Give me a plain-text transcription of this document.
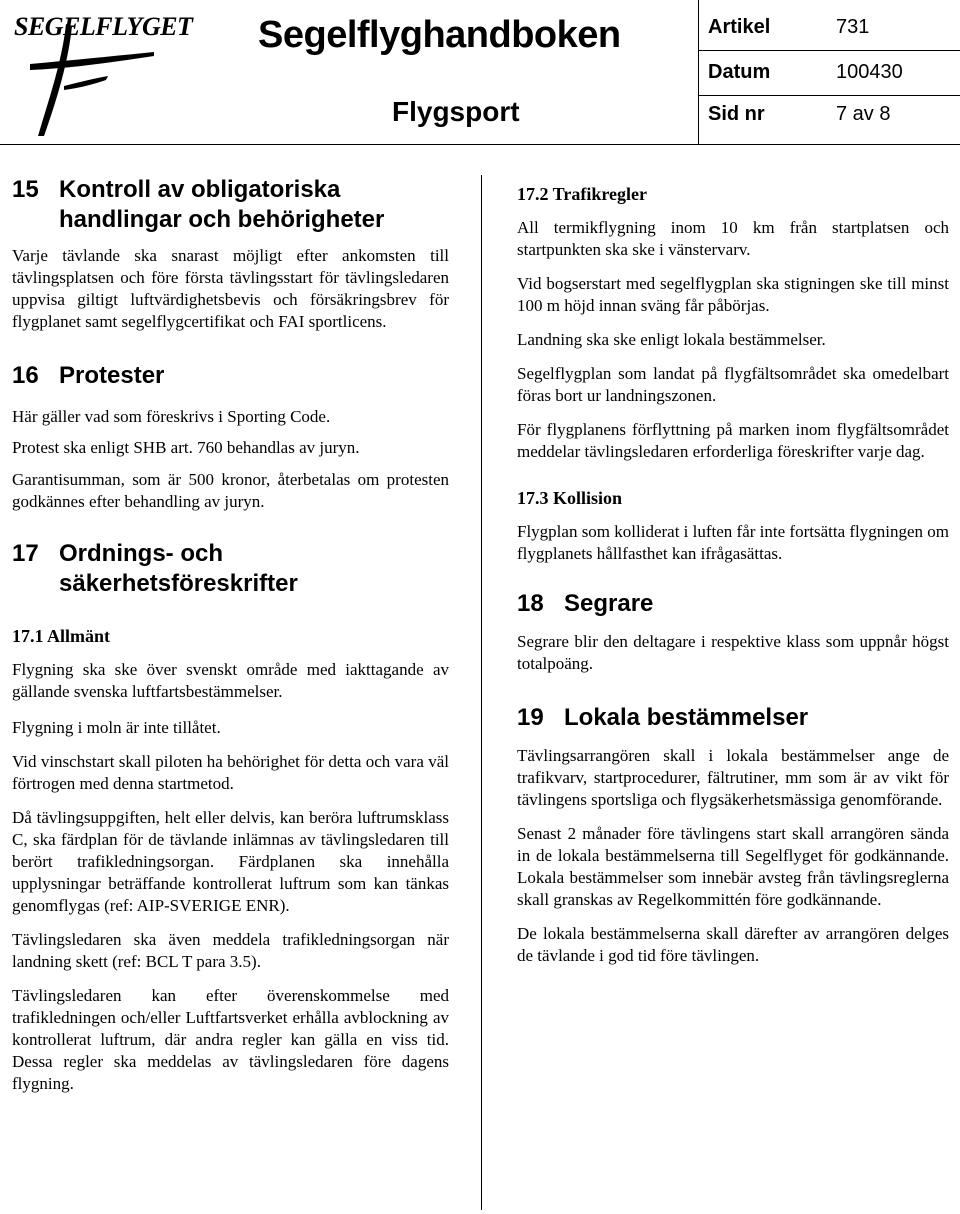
SEGELFLYGET Segelflyghandboken
Flygsport
Artikel	731
Datum	100430
Sid nr	7 av 8
15 Kontroll av obligatoriska handlingar och behörigheter

Varje tävlande ska snarast möjligt efter ankomsten till tävlingsplatsen och före första tävlingsstart för tävlingsledaren uppvisa giltigt luftvärdighetsbevis och försäkringsbrev för flygplanet samt segelflygcertifikat och FAI sportlicens.

16 Protester

Här gäller vad som föreskrivs i Sporting Code.

Protest ska enligt SHB art. 760 behandlas av juryn.

Garantisumman, som är 500 kronor, återbetalas om protesten godkännes efter behandling av juryn.

17 Ordnings- och säkerhetsföreskrifter
17.1 Allmänt

Flygning ska ske över svenskt område med iakttagande av gällande svenska luftfartsbestämmelser.

Flygning i moln är inte tillåtet.

Vid vinschstart skall piloten ha behörighet för detta och vara väl förtrogen med denna startmetod.

Då tävlingsuppgiften, helt eller delvis, kan beröra luftrumsklass C, ska färdplan för de tävlande inlämnas av tävlingsledaren till berört trafikledningsorgan. Färdplanen ska innehålla upplysningar beträffande kontrollerat luftrum som kan tänkas genomflygas (ref: AIP-SVERIGE ENR).

Tävlingsledaren ska även meddela trafikledningsorgan när landning skett (ref: BCL T para 3.5).

Tävlingsledaren kan efter överenskommelse med trafikledningen och/eller Luftfartsverket erhålla avblockning av kontrollerat luftrum, där andra regler kan gälla en viss tid. Dessa regler ska meddelas av tävlingsledaren före dagens flygning.

17.2 Trafikregler

All termikflygning inom 10 km från startplatsen och startpunkten ska ske i vänstervarv.

Vid bogserstart med segelflygplan ska stigningen ske till minst 100 m höjd innan sväng får påbörjas.

Landning ska ske enligt lokala bestämmelser.

Segelflygplan som landat på flygfältsområdet ska omedelbart föras bort ur landningszonen.

För flygplanens förflyttning på marken inom flygfältsområdet meddelar tävlingsledaren erforderliga föreskrifter varje dag.

17.3 Kollision

Flygplan som kolliderat i luften får inte fortsätta flygningen om flygplanets hållfasthet kan ifrågasättas.

18 Segrare

Segrare blir den deltagare i respektive klass som uppnår högst totalpoäng.

19 Lokala bestämmelser

Tävlingsarrangören skall i lokala bestämmelser ange de trafikvarv, startprocedurer, fältrutiner, mm som är av vikt för tävlingens sportsliga och flygsäkerhetsmässiga genomförande.

Senast 2 månader före tävlingens start skall arrangören sända in de lokala bestämmelserna till Segelflyget för godkännande. Lokala bestämmelser som innebär avsteg från tävlingsreglerna skall granskas av Regelkommittén före godkännande.

De lokala bestämmelserna skall därefter av arrangören delges de tävlande i god tid före tävlingen.
